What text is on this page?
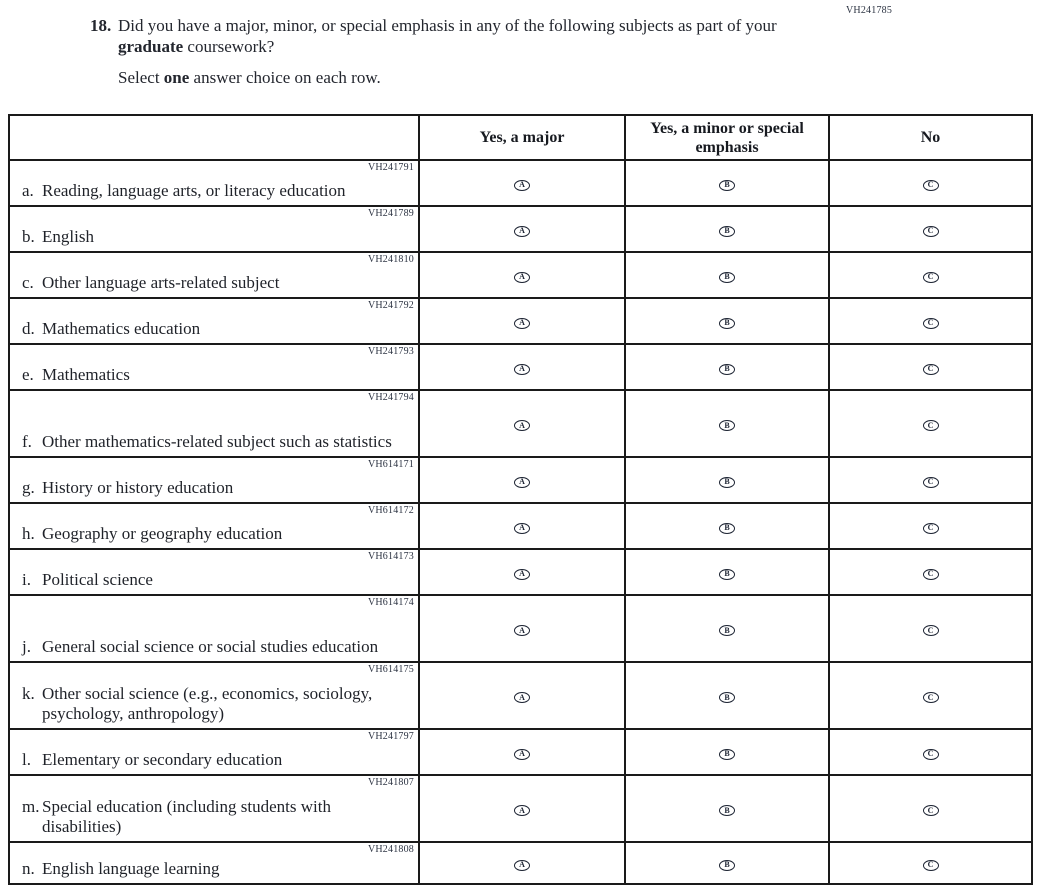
VH241785
18. Did you have a major, minor, or special emphasis in any of the following subjects as part of your graduate coursework?
Select one answer choice on each row.
	Yes, a major	Yes, a minor or special emphasis	No

VH241791
a. Reading, language arts, or literacy education	A	B	C

VH241789
b. English	A	B	C

VH241810
c. Other language arts-related subject	A	B	C

VH241792
d. Mathematics education	A	B	C

VH241793
e. Mathematics	A	B	C

VH241794
f. Other mathematics-related subject such as statistics	A	B	C

VH614171
g. History or history education	A	B	C

VH614172
h. Geography or geography education	A	B	C

VH614173
i. Political science	A	B	C

VH614174
j. General social science or social studies education	A	B	C

VH614175
k. Other social science (e.g., economics, sociology, psychology, anthropology)	A	B	C

VH241797
l. Elementary or secondary education	A	B	C

VH241807
m. Special education (including students with disabilities)	A	B	C

VH241808
n. English language learning	A	B	C
